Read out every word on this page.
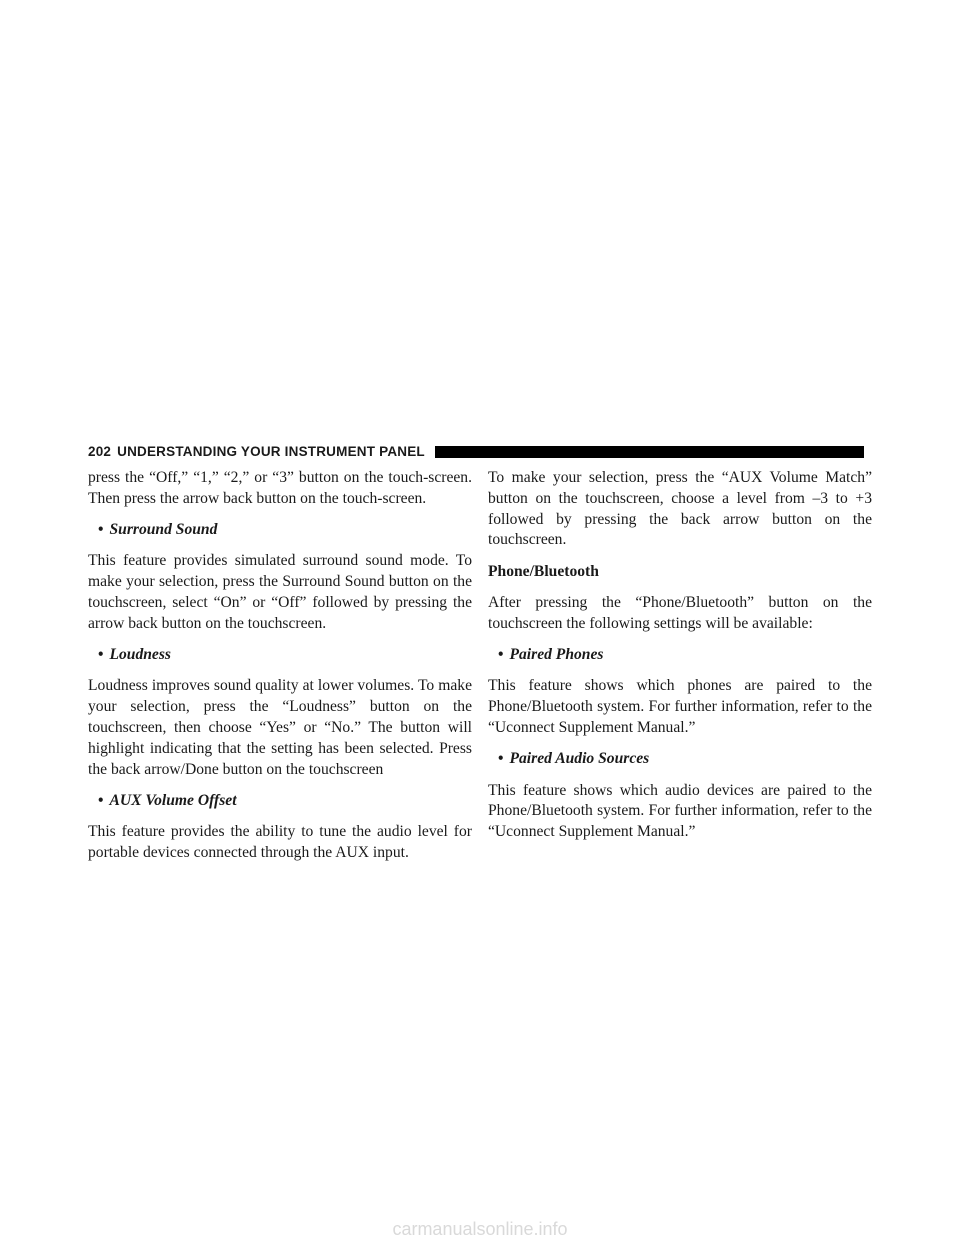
202 UNDERSTANDING YOUR INSTRUMENT PANEL

press the “Off,” “1,” “2,” or “3” button on the touch-screen. Then press the arrow back button on the touch-screen.

• Surround Sound

This feature provides simulated surround sound mode. To make your selection, press the Surround Sound button on the touchscreen, select “On” or “Off” followed by pressing the arrow back button on the touchscreen.

• Loudness

Loudness improves sound quality at lower volumes. To make your selection, press the “Loudness” button on the touchscreen, then choose “Yes” or “No.” The button will highlight indicating that the setting has been selected. Press the back arrow/Done button on the touchscreen

• AUX Volume Offset

This feature provides the ability to tune the audio level for portable devices connected through the AUX input.

To make your selection, press the “AUX Volume Match” button on the touchscreen, choose a level from –3 to +3 followed by pressing the back arrow button on the touchscreen.

Phone/Bluetooth

After pressing the “Phone/Bluetooth” button on the touchscreen the following settings will be available:

• Paired Phones

This feature shows which phones are paired to the Phone/Bluetooth system. For further information, refer to the “Uconnect Supplement Manual.”

• Paired Audio Sources

This feature shows which audio devices are paired to the Phone/Bluetooth system. For further information, refer to the “Uconnect Supplement Manual.”

carmanualsonline.info
